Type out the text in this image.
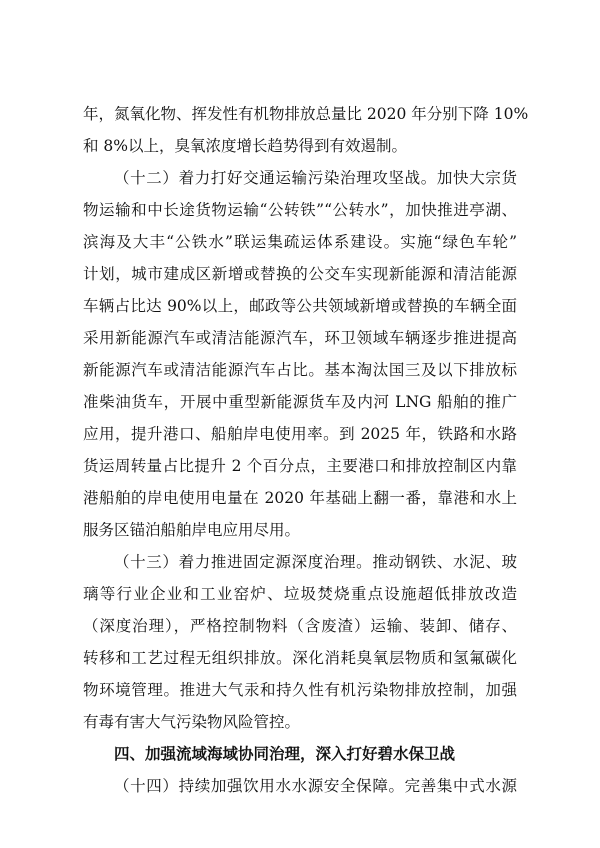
年，氮氧化物、挥发性有机物排放总量比 2020 年分别下降 10%
和 8%以上，臭氧浓度增长趋势得到有效遏制。
（十二）着力打好交通运输污染治理攻坚战。加快大宗货
物运输和中长途货物运输“公转铁”“公转水”，加快推进亭湖、
滨海及大丰“公铁水”联运集疏运体系建设。实施“绿色车轮”
计划，城市建成区新增或替换的公交车实现新能源和清洁能源
车辆占比达 90%以上，邮政等公共领域新增或替换的车辆全面
采用新能源汽车或清洁能源汽车，环卫领域车辆逐步推进提高
新能源汽车或清洁能源汽车占比。基本淘汰国三及以下排放标
准柴油货车，开展中重型新能源货车及内河 LNG 船舶的推广
应用，提升港口、船舶岸电使用率。到 2025 年，铁路和水路
货运周转量占比提升 2 个百分点，主要港口和排放控制区内靠
港船舶的岸电使用电量在 2020 年基础上翻一番，靠港和水上
服务区锚泊船舶岸电应用尽用。
（十三）着力推进固定源深度治理。推动钢铁、水泥、玻
璃等行业企业和工业窑炉、垃圾焚烧重点设施超低排放改造
（深度治理），严格控制物料（含废渣）运输、装卸、储存、
转移和工艺过程无组织排放。深化消耗臭氧层物质和氢氟碳化
物环境管理。推进大气汞和持久性有机污染物排放控制，加强
有毒有害大气污染物风险管控。
四、加强流域海域协同治理，深入打好碧水保卫战
（十四）持续加强饮用水水源安全保障。完善集中式水源
